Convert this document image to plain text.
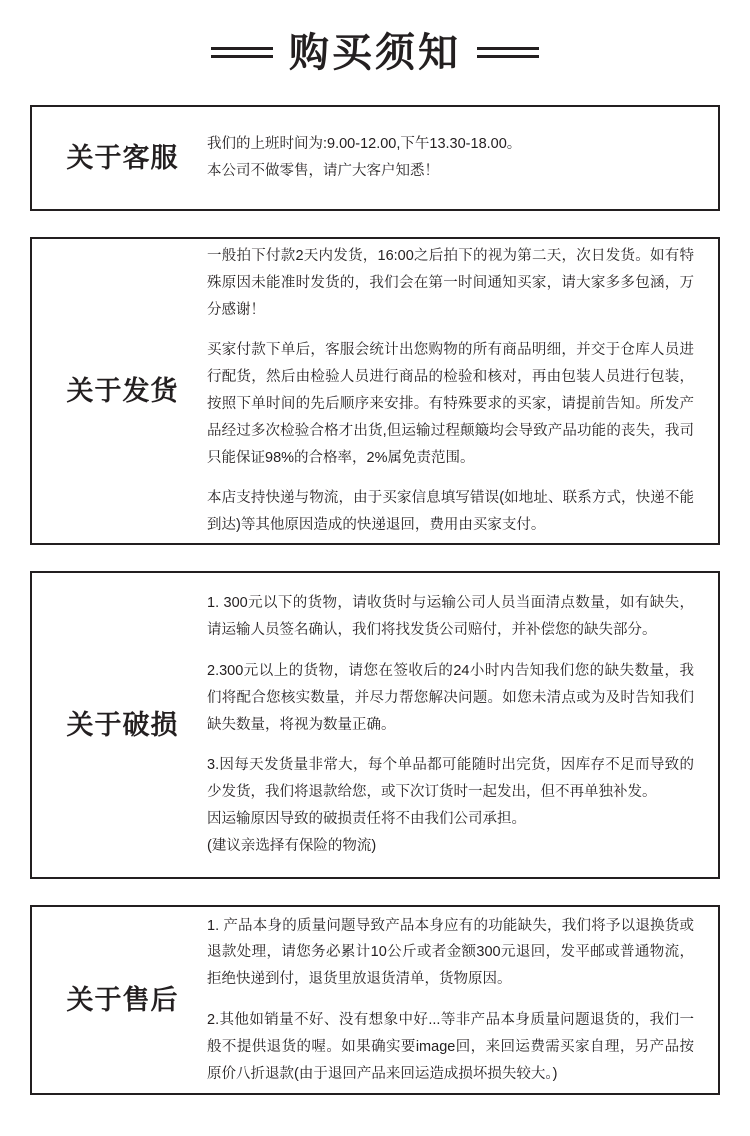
购买须知
关于客服	我们的上班时间为:9.00-12.00,下午13.30-18.00。

本公司不做零售，请广大客户知悉！

关于发货

一般拍下付款2天内发货，16:00之后拍下的视为第二天，次日发货。如有特殊原因未能准时发货的，我们会在第一时间通知买家，请大家多多包涵，万分感谢！

买家付款下单后，客服会统计出您购物的所有商品明细，并交于仓库人员进行配货，然后由检验人员进行商品的检验和核对，再由包装人员进行包装，按照下单时间的先后顺序来安排。有特殊要求的买家，请提前告知。所发产品经过多次检验合格才出货,但运输过程颠簸均会导致产品功能的丧失，我司只能保证98%的合格率，2%属免责范围。

本店支持快递与物流，由于买家信息填写错误(如地址、联系方式，快递不能到达)等其他原因造成的快递退回，费用由买家支付。

关于破损

1. 300元以下的货物，请收货时与运输公司人员当面清点数量，如有缺失，请运输人员签名确认，我们将找发货公司赔付，并补偿您的缺失部分。

2.300元以上的货物，请您在签收后的24小时内告知我们您的缺失数量，我们将配合您核实数量，并尽力帮您解决问题。如您未清点或为及时告知我们缺失数量，将视为数量正确。

3.因每天发货量非常大，每个单品都可能随时出完货，因库存不足而导致的少发货，我们将退款给您，或下次订货时一起发出，但不再单独补发。

因运输原因导致的破损责任将不由我们公司承担。

(建议亲选择有保险的物流)

关于售后

1. 产品本身的质量问题导致产品本身应有的功能缺失，我们将予以退换货或退款处理，请您务必累计10公斤或者金额300元退回，发平邮或普通物流，拒绝快递到付，退货里放退货清单，货物原因。

2.其他如销量不好、没有想象中好...等非产品本身质量问题退货的，我们一般不提供退货的喔。如果确实要image回，来回运费需买家自理，另产品按原价八折退款(由于退回产品来回运造成损坏损失较大。)
